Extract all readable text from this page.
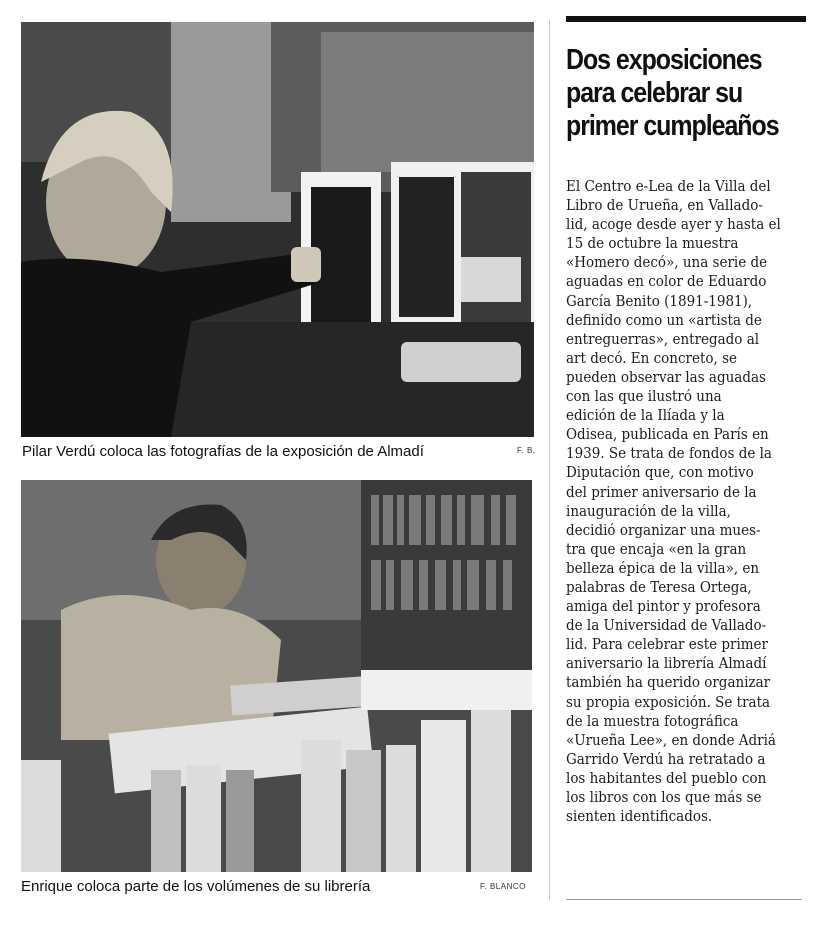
Pilar Verdú coloca las fotografías de la exposición de Almadí	F. B.
Enrique coloca parte de los volúmenes de su librería	F. BLANCO
Dos exposiciones
para celebrar su
primer cumpleaños
El Centro e-Lea de la Villa del
Libro de Urueña, en Vallado-
lid, acoge desde ayer y hasta el
15 de octubre la muestra
«Homero decó», una serie de
aguadas en color de Eduardo
García Benito (1891-1981),
definido como un «artista de
entreguerras», entregado al
art decó. En concreto, se
pueden observar las aguadas
con las que ilustró una
edición de la Ilíada y la
Odisea, publicada en París en
1939. Se trata de fondos de la
Diputación que, con motivo
del primer aniversario de la
inauguración de la villa,
decidió organizar una mues-
tra que encaja «en la gran
belleza épica de la villa», en
palabras de Teresa Ortega,
amiga del pintor y profesora
de la Universidad de Vallado-
lid. Para celebrar este primer
aniversario la librería Almadí
también ha querido organizar
su propia exposición. Se trata
de la muestra fotográfica
«Urueña Lee», en donde Adriá
Garrido Verdú ha retratado a
los habitantes del pueblo con
los libros con los que más se
sienten identificados.
